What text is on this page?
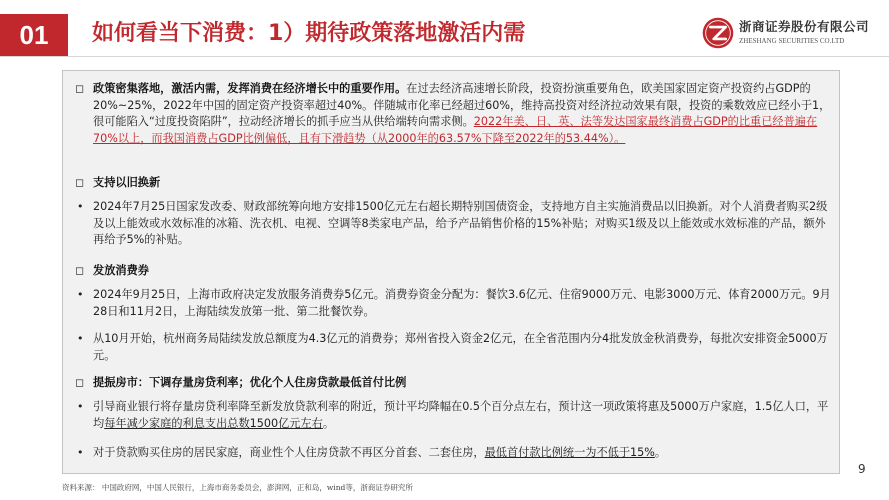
01	如何看当下消费：1）期待政策落地激活内需	浙商证券股份有限公司
ZHESHANG SECURITIES CO.LTD
◻ 政策密集落地，激活内需，发挥消费在经济增长中的重要作用。在过去经济高速增长阶段，投资扮演重要角色，欧美国家固定资产投资约占GDP的20%~25%，2022年中国的固定资产投资率超过40%。伴随城市化率已经超过60%，维持高投资对经济拉动效果有限，投资的乘数效应已经小于1，很可能陷入“过度投资陷阱”，拉动经济增长的抓手应当从供给端转向需求侧。2022年美、日、英、法等发达国家最终消费占GDP的比重已经普遍在70%以上，而我国消费占GDP比例偏低，且有下滑趋势（从2000年的63.57%下降至2022年的53.44%）。
◻ 支持以旧换新
• 2024年7月25日国家发改委、财政部统筹向地方安排1500亿元左右超长期特别国债资金，支持地方自主实施消费品以旧换新。对个人消费者购买2级及以上能效或水效标准的冰箱、洗衣机、电视、空调等8类家电产品，给予产品销售价格的15%补贴；对购买1级及以上能效或水效标准的产品，额外再给予5%的补贴。
◻ 发放消费券
• 2024年9月25日，上海市政府决定发放服务消费券5亿元。消费券资金分配为：餐饮3.6亿元、住宿9000万元、电影3000万元、体育2000万元。9月28日和11月2日，上海陆续发放第一批、第二批餐饮券。
• 从10月开始，杭州商务局陆续发放总额度为4.3亿元的消费券；郑州省投入资金2亿元，在全省范围内分4批发放金秋消费券，每批次安排资金5000万元。
◻ 提振房市：下调存量房贷利率；优化个人住房贷款最低首付比例
• 引导商业银行将存量房贷利率降至新发放贷款利率的附近，预计平均降幅在0.5个百分点左右，预计这一项政策将惠及5000万户家庭，1.5亿人口，平均每年减少家庭的利息支出总数1500亿元左右。
• 对于贷款购买住房的居民家庭，商业性个人住房贷款不再区分首套、二套住房，最低首付款比例统一为不低于15%。
9
资料来源： 中国政府网，中国人民银行，上海市商务委员会，澎湃网，正和岛，wind等，浙商证券研究所
